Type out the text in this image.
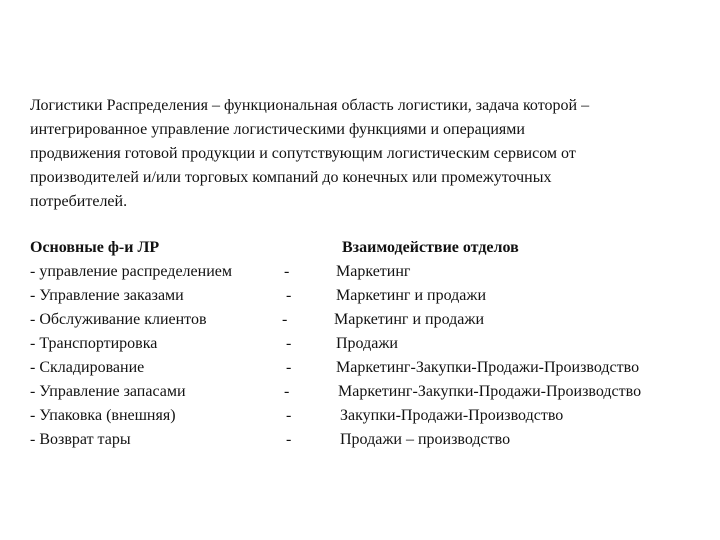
Логистики Распределения – функциональная область логистики, задача которой –
интегрированное управление логистическими функциями и операциями
продвижения готовой продукции и сопутствующим логистическим сервисом от
производителей и/или торговых компаний до конечных или промежуточных
потребителей.

Основные ф-и ЛР	Взаимодействие отделов
- управление распределением	-	Маркетинг
- Управление заказами	-	Маркетинг и продажи
- Обслуживание клиентов	-	Маркетинг и продажи
- Транспортировка	-	Продажи
- Складирование	-	Маркетинг-Закупки-Продажи-Производство
- Управление запасами	-	Маркетинг-Закупки-Продажи-Производство
- Упаковка (внешняя)	-	Закупки-Продажи-Производство
- Возврат тары	-	Продажи – производство
